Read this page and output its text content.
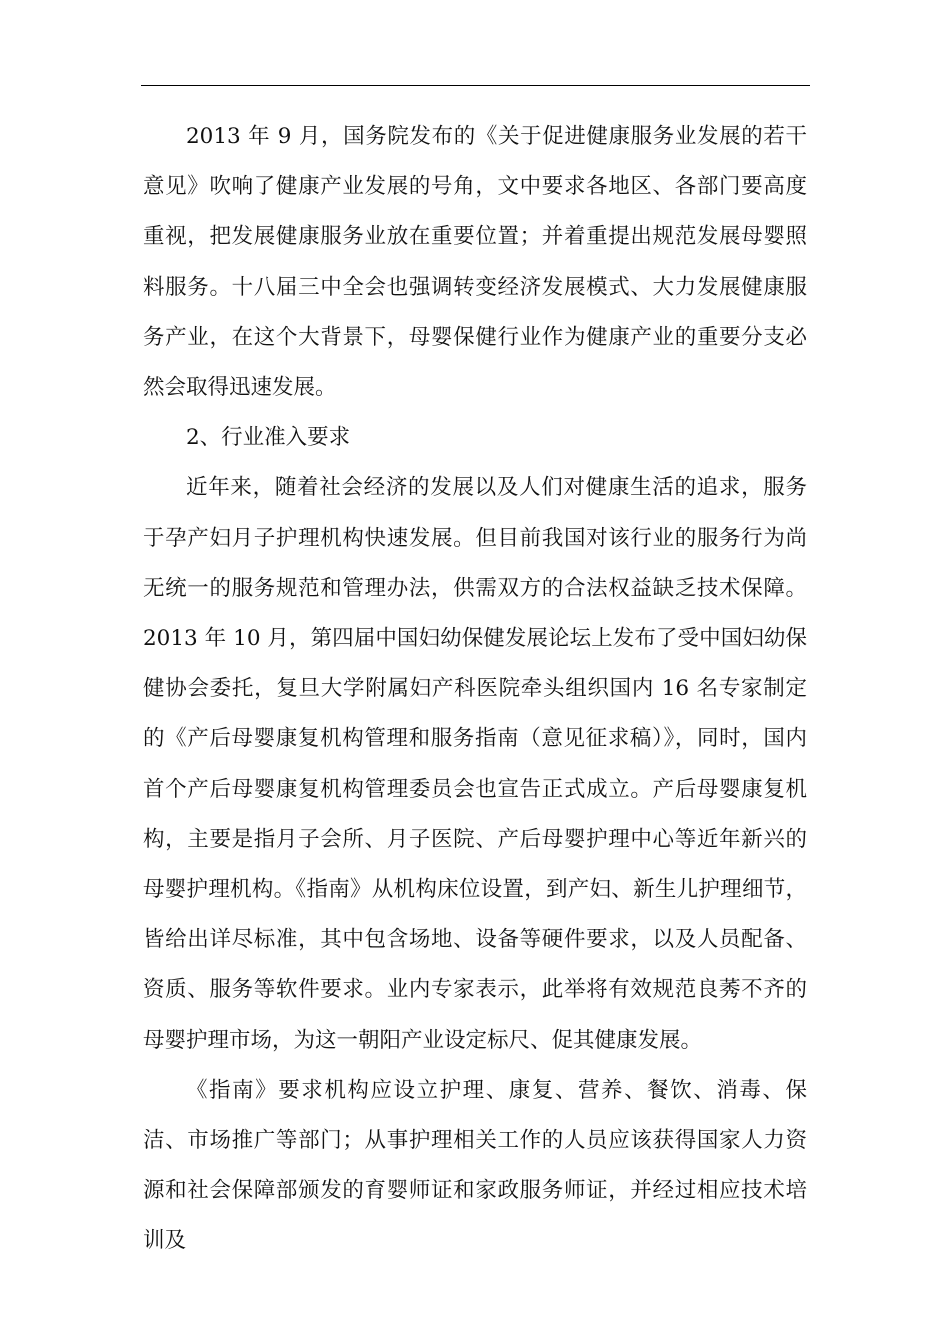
2013 年 9 月，国务院发布的《关于促进健康服务业发展的若干意见》吹响了健康产业发展的号角，文中要求各地区、各部门要高度重视，把发展健康服务业放在重要位置；并着重提出规范发展母婴照料服务。十八届三中全会也强调转变经济发展模式、大力发展健康服务产业，在这个大背景下，母婴保健行业作为健康产业的重要分支必然会取得迅速发展。

2、行业准入要求

近年来，随着社会经济的发展以及人们对健康生活的追求，服务于孕产妇月子护理机构快速发展。但目前我国对该行业的服务行为尚无统一的服务规范和管理办法，供需双方的合法权益缺乏技术保障。2013 年 10 月，第四届中国妇幼保健发展论坛上发布了受中国妇幼保健协会委托，复旦大学附属妇产科医院牵头组织国内 16 名专家制定的《产后母婴康复机构管理和服务指南（意见征求稿）》，同时，国内首个产后母婴康复机构管理委员会也宣告正式成立。产后母婴康复机构，主要是指月子会所、月子医院、产后母婴护理中心等近年新兴的母婴护理机构。《指南》从机构床位设置，到产妇、新生儿护理细节，皆给出详尽标准，其中包含场地、设备等硬件要求，以及人员配备、资质、服务等软件要求。业内专家表示，此举将有效规范良莠不齐的母婴护理市场，为这一朝阳产业设定标尺、促其健康发展。

《指南》要求机构应设立护理、康复、营养、餐饮、消毒、保洁、市场推广等部门；从事护理相关工作的人员应该获得国家人力资源和社会保障部颁发的育婴师证和家政服务师证，并经过相应技术培训及
